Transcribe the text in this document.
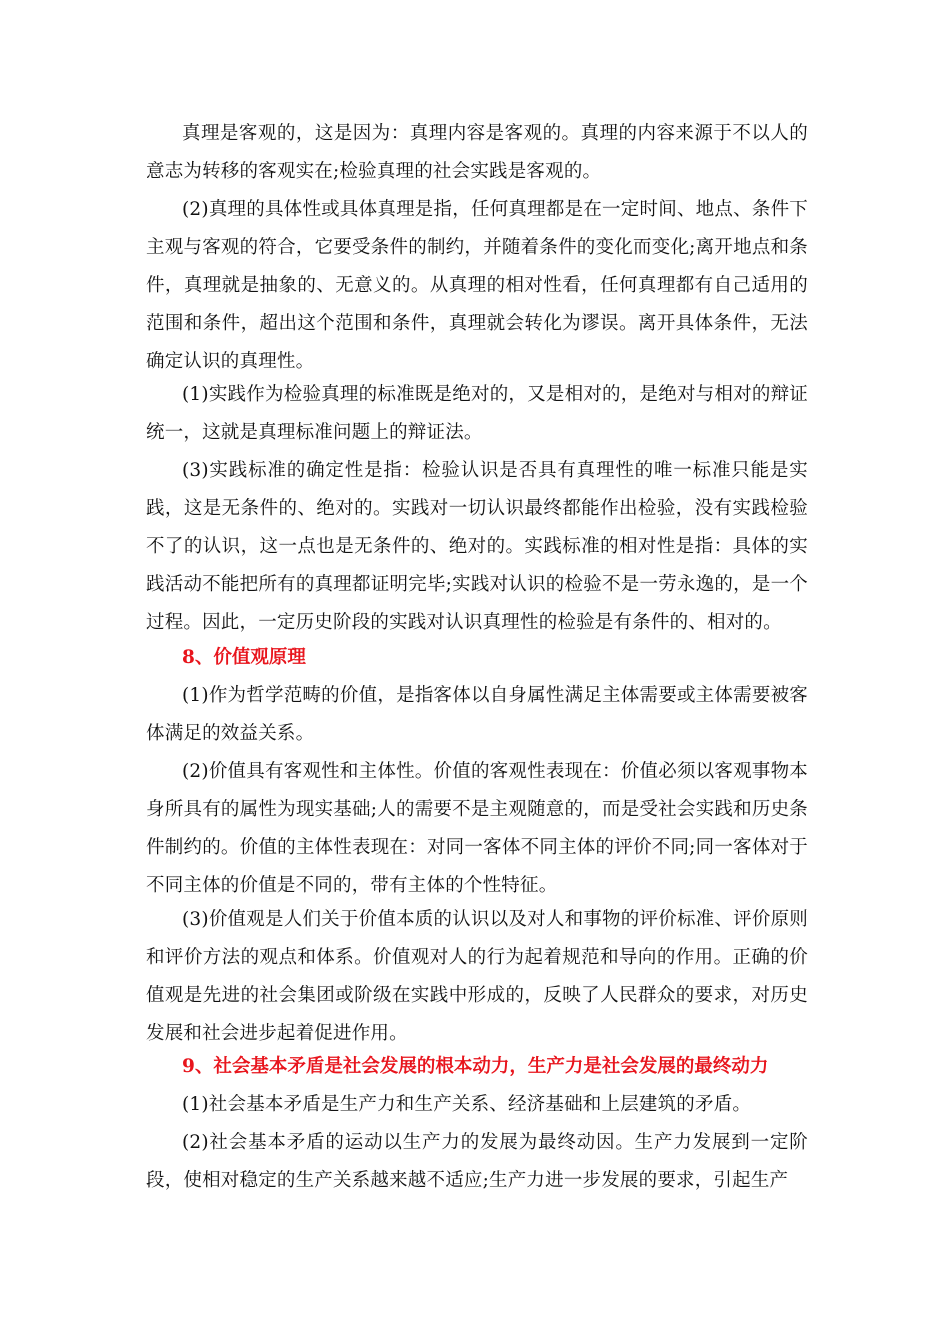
真理是客观的，这是因为：真理内容是客观的。真理的内容来源于不以人的意志为转移的客观实在;检验真理的社会实践是客观的。

(2)真理的具体性或具体真理是指，任何真理都是在一定时间、地点、条件下主观与客观的符合，它要受条件的制约，并随着条件的变化而变化;离开地点和条件，真理就是抽象的、无意义的。从真理的相对性看，任何真理都有自己适用的范围和条件，超出这个范围和条件，真理就会转化为谬误。离开具体条件，无法确定认识的真理性。

(1)实践作为检验真理的标准既是绝对的，又是相对的，是绝对与相对的辩证统一，这就是真理标准问题上的辩证法。

(3)实践标准的确定性是指：检验认识是否具有真理性的唯一标准只能是实践，这是无条件的、绝对的。实践对一切认识最终都能作出检验，没有实践检验不了的认识，这一点也是无条件的、绝对的。实践标准的相对性是指：具体的实践活动不能把所有的真理都证明完毕;实践对认识的检验不是一劳永逸的，是一个过程。因此，一定历史阶段的实践对认识真理性的检验是有条件的、相对的。

8、价值观原理

(1)作为哲学范畴的价值，是指客体以自身属性满足主体需要或主体需要被客体满足的效益关系。

(2)价值具有客观性和主体性。价值的客观性表现在：价值必须以客观事物本身所具有的属性为现实基础;人的需要不是主观随意的，而是受社会实践和历史条件制约的。价值的主体性表现在：对同一客体不同主体的评价不同;同一客体对于不同主体的价值是不同的，带有主体的个性特征。

(3)价值观是人们关于价值本质的认识以及对人和事物的评价标准、评价原则和评价方法的观点和体系。价值观对人的行为起着规范和导向的作用。正确的价值观是先进的社会集团或阶级在实践中形成的，反映了人民群众的要求，对历史发展和社会进步起着促进作用。

9、社会基本矛盾是社会发展的根本动力，生产力是社会发展的最终动力

(1)社会基本矛盾是生产力和生产关系、经济基础和上层建筑的矛盾。

(2)社会基本矛盾的运动以生产力的发展为最终动因。生产力发展到一定阶段，使相对稳定的生产关系越来越不适应;生产力进一步发展的要求，引起生产
